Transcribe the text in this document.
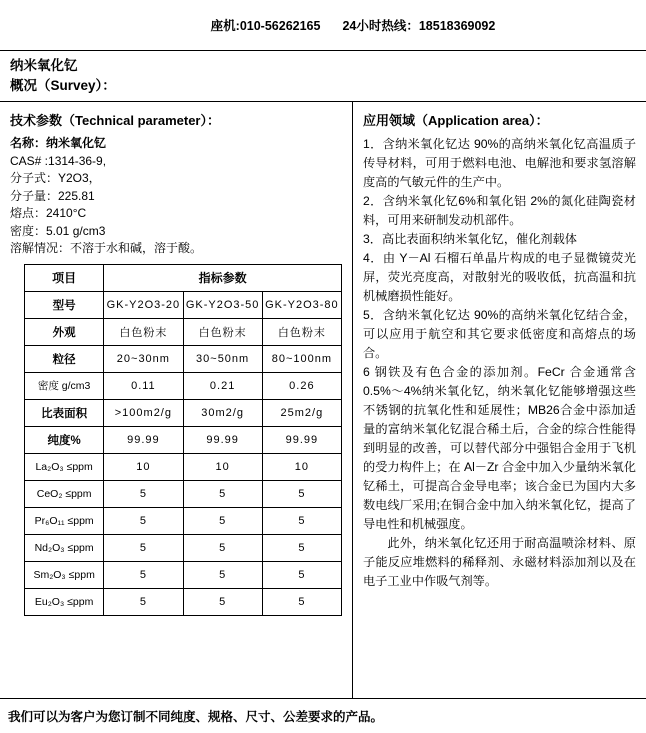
座机:010-56262165 24小时热线：18518369092
纳米氧化钇
概况（Survey）：
技术参数（Technical parameter）：
名称：纳米氧化钇
CAS# :1314-36-9,
分子式：Y2O3，
分子量：225.81
熔点：2410°C
密度：5.01 g/cm3
溶解情况：不溶于水和碱，溶于酸。
项目	指标参数		
型号	GK-Y2O3-20	GK-Y2O3-50	GK-Y2O3-80
外观	白色粉末	白色粉末	白色粉末
粒径	20~30nm	30~50nm	80~100nm
密度 g/cm3	0.11	0.21	0.26
比表面积	>100m2/g	30m2/g	25m2/g
纯度%	99.99	99.99	99.99
La₂O₃ ≤ppm	10	10	10
CeO₂ ≤ppm	5	5	5
Pr₆O₁₁ ≤ppm	5	5	5
Nd₂O₃ ≤ppm	5	5	5
Sm₂O₃ ≤ppm	5	5	5
Eu₂O₃ ≤ppm	5	5	5
应用领域（Application area）：

1．含纳米氧化钇达 90%的高纳米氧化钇高温质子传导材料，可用于燃料电池、电解池和要求氢溶解度高的气敏元件的生产中。

2．含纳米氧化钇6%和氧化铝 2%的氮化硅陶瓷材料，可用来研制发动机部件。

3．高比表面积纳米氧化钇，催化剂载体

4．由 Y－Al 石榴石单晶片构成的电子显微镜荧光屏，荧光亮度高，对散射光的吸收低，抗高温和抗机械磨损性能好。

5．含纳米氧化钇达 90%的高纳米氧化钇结合金，可以应用于航空和其它要求低密度和高熔点的场合。

6 钢铁及有色合金的添加剂。FeCr 合金通常含 0.5%～4%纳米氧化钇，纳米氧化钇能够增强这些不锈钢的抗氧化性和延展性；MB26合金中添加适量的富纳米氧化钇混合稀土后，合金的综合性能得到明显的改善，可以替代部分中强铝合金用于飞机的受力构件上；在 Al－Zr 合金中加入少量纳米氧化钇稀土，可提高合金导电率；该合金已为国内大多数电线厂采用;在铜合金中加入纳米氧化钇，提高了导电性和机械强度。

此外，纳米氧化钇还用于耐高温喷涂材料、原子能反应堆燃料的稀释剂、永磁材料添加剂以及在电子工业中作吸气剂等。

我们可以为客户为您订制不同纯度、规格、尺寸、公差要求的产品。
